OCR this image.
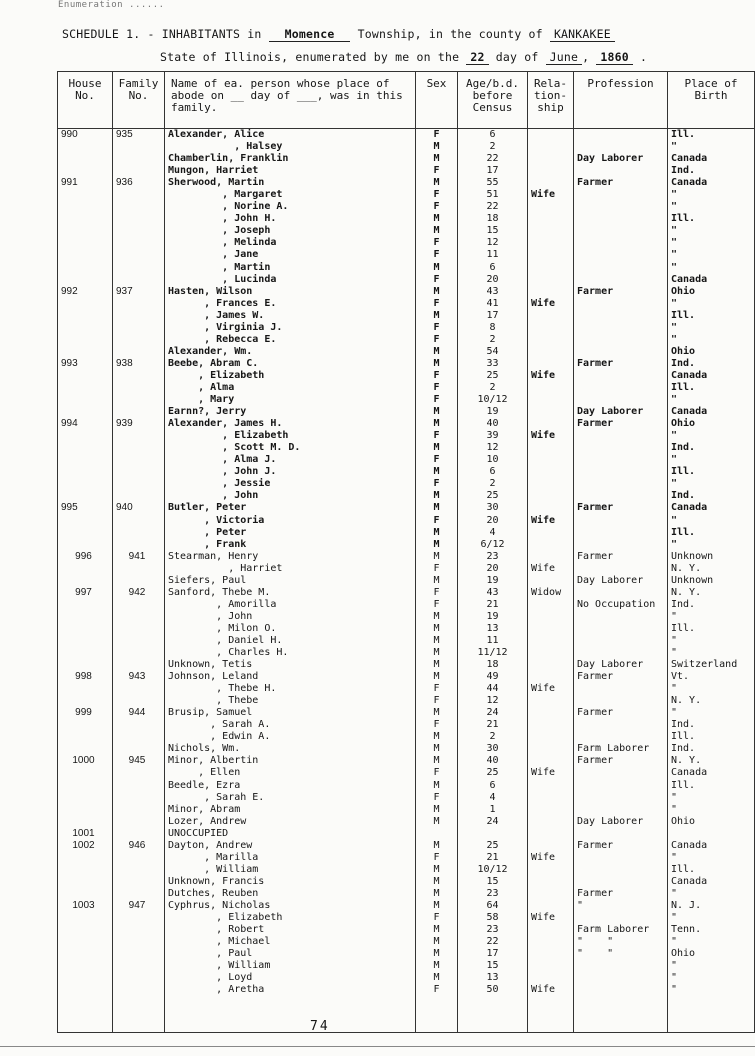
Enumeration ......
SCHEDULE 1. - INHABITANTS in Momence Township, in the county of KANKAKEE
State of Illinois, enumerated by me on the 22 day of June , 1860 .
House No.	Family No.	Name of ea. person whose place of abode on __ day of ___, was in this family.	Sex	Age/b.d. before Census	Rela-tion-ship	Profession	Place of Birth
990	935	Alexander, Alice	F	6			Ill.
		, Halsey	M	2			"
		Chamberlin, Franklin	M	22		Day Laborer	Canada
		Mungon, Harriet	F	17			Ind.
991	936	Sherwood, Martin	M	55		Farmer	Canada
		, Margaret	F	51	Wife		"
		, Norine A.	F	22			"
		, John H.	M	18			Ill.
		, Joseph	M	15			"
		, Melinda	F	12			"
		, Jane	F	11			"
		, Martin	M	6			"
		, Lucinda	F	20			Canada
992	937	Hasten, Wilson	M	43		Farmer	Ohio
		, Frances E.	F	41	Wife		"
		, James W.	M	17			Ill.
		, Virginia J.	F	8			"
		, Rebecca E.	F	2			"
		Alexander, Wm.	M	54			Ohio
993	938	Beebe, Abram C.	M	33		Farmer	Ind.
		, Elizabeth	F	25	Wife		Canada
		, Alma	F	2			Ill.
		, Mary	F	10/12			"
		Earnn?, Jerry	M	19		Day Laborer	Canada
994	939	Alexander, James H.	M	40		Farmer	Ohio
		, Elizabeth	F	39	Wife		"
		, Scott M. D.	M	12			Ind.
		, Alma J.	F	10			"
		, John J.	M	6			Ill.
		, Jessie	F	2			"
		, John	M	25			Ind.
995	940	Butler, Peter	M	30		Farmer	Canada
		, Victoria	F	20	Wife		"
		, Peter	M	4			Ill.
		, Frank	M	6/12			"
996	941	Stearman, Henry	M	23		Farmer	Unknown
		, Harriet	F	20	Wife		N. Y.
		Siefers, Paul	M	19		Day Laborer	Unknown
997	942	Sanford, Thebe M.	F	43	Widow		N. Y.
		, Amorilla	F	21		No Occupation	Ind.
		, John	M	19			"
		, Milon O.	M	13			Ill.
		, Daniel H.	M	11			"
		, Charles H.	M	11/12			"
		Unknown, Tetis	M	18		Day Laborer	Switzerland
998	943	Johnson, Leland	M	49		Farmer	Vt.
		, Thebe H.	F	44	Wife		"
		, Thebe	F	12			N. Y.
999	944	Brusip, Samuel	M	24		Farmer	"
		, Sarah A.	F	21			Ind.
		, Edwin A.	M	2			Ill.
		Nichols, Wm.	M	30		Farm Laborer	Ind.
1000	945	Minor, Albertin	M	40		Farmer	N. Y.
		, Ellen	F	25	Wife		Canada
		Beedle, Ezra	M	6			Ill.
		, Sarah E.	F	4			"
		Minor, Abram	M	1			"
		Lozer, Andrew	M	24		Day Laborer	Ohio
1001		UNOCCUPIED					
1002	946	Dayton, Andrew	M	25		Farmer	Canada
		, Marilla	F	21	Wife		"
		, William	M	10/12			Ill.
		Unknown, Francis	M	15			Canada
		Dutches, Reuben	M	23		Farmer	"
1003	947	Cyphrus, Nicholas	M	64		"	N. J.
		, Elizabeth	F	58	Wife		"
		, Robert	M	23		Farm Laborer	Tenn.
		, Michael	M	22		"    "	"
		, Paul	M	17		"    "	Ohio
		, William	M	15			"
		, Loyd	M	13			"
		, Aretha	F	50	Wife		"

74
